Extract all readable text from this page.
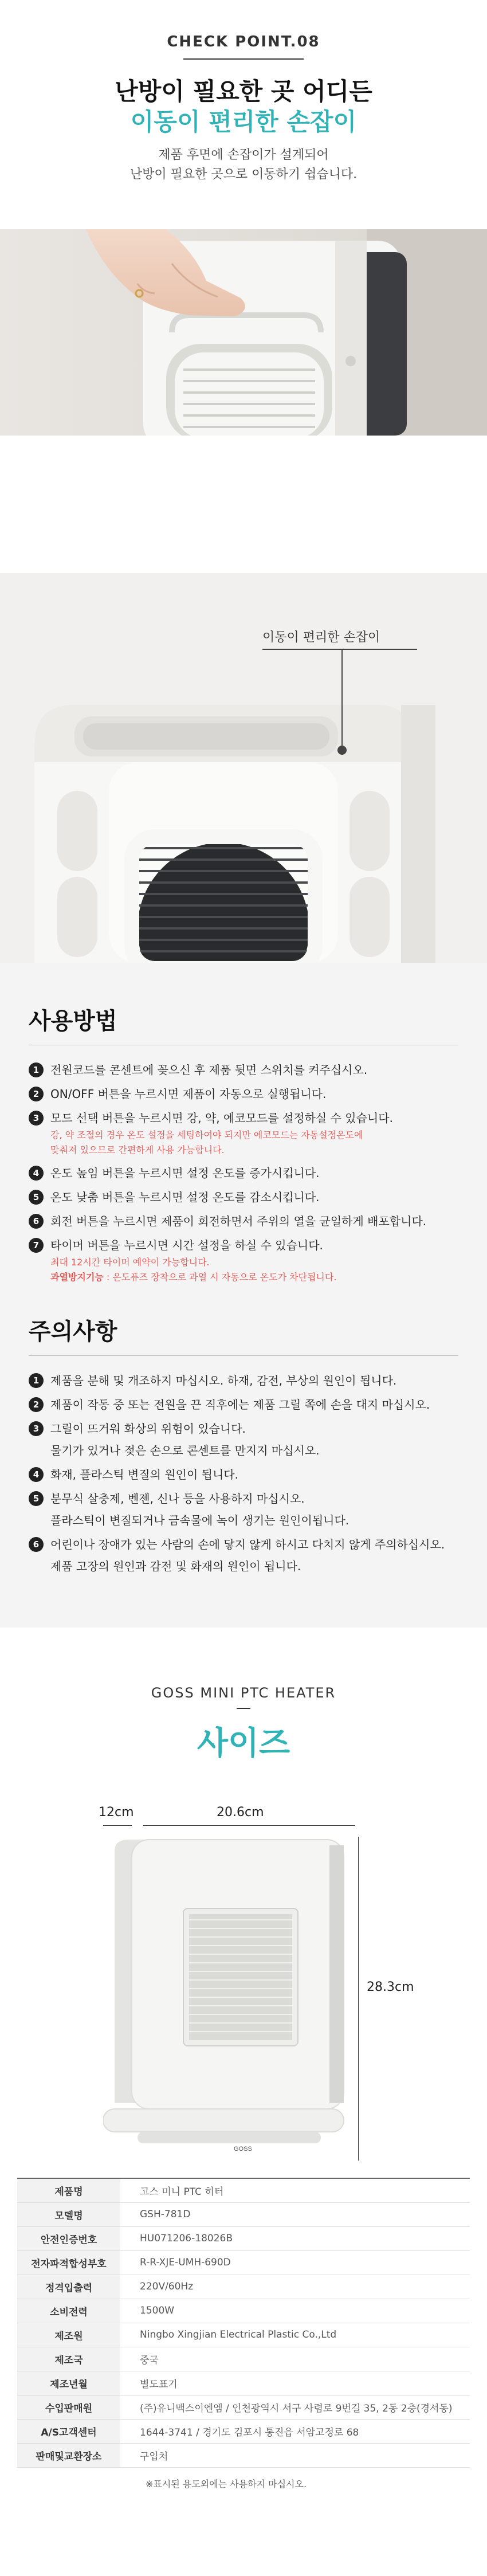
CHECK POINT.08
난방이 필요한 곳 어디든
이동이 편리한 손잡이
제품 후면에 손잡이가 설계되어
난방이 필요한 곳으로 이동하기 쉽습니다.
이동이 편리한 손잡이
사용방법
1 전원코드를 콘센트에 꽂으신 후 제품 뒷면 스위치를 켜주십시오.
2 ON/OFF 버튼을 누르시면 제품이 자동으로 실행됩니다.
3 모드 선택 버튼을 누르시면 강, 약, 에코모드를 설정하실 수 있습니다.
강, 약 조절의 경우 온도 설정을 세팅하여야 되지만 에코모드는 자동설정온도에
맞춰져 있으므로 간편하게 사용 가능합니다.
4 온도 높임 버튼을 누르시면 설정 온도를 증가시킵니다.
5 온도 낮춤 버튼을 누르시면 설정 온도를 감소시킵니다.
6 회전 버튼을 누르시면 제품이 회전하면서 주위의 열을 균일하게 배포합니다.
7 타이머 버튼을 누르시면 시간 설정을 하실 수 있습니다.
최대 12시간 타이머 예약이 가능합니다.
과열방지기능 : 온도퓨즈 장착으로 과열 시 자동으로 온도가 차단됩니다.
주의사항
1 제품을 분해 및 개조하지 마십시오. 하재, 감전, 부상의 원인이 됩니다.
2 제품이 작동 중 또는 전원을 끈 직후에는 제품 그릴 쪽에 손을 대지 마십시오.
3 그릴이 뜨거워 화상의 위험이 있습니다.
물기가 있거나 젖은 손으로 콘센트를 만지지 마십시오.
4 화재, 플라스틱 변질의 원인이 됩니다.
5 분무식 살충제, 벤젠, 신나 등을 사용하지 마십시오.
플라스틱이 변질되거나 금속물에 녹이 생기는 원인이됩니다.
6 어린이나 장애가 있는 사람의 손에 닿지 않게 하시고 다치지 않게 주의하십시오.
제품 고장의 원인과 감전 및 화재의 원인이 됩니다.
GOSS MINI PTC HEATER
사이즈
12cm	20.6cm
28.3cm
GOSS
제품명	고스 미니 PTC 히터
모델명	GSH-781D
안전인증번호	HU071206-18026B
전자파적합성부호	R-R-XJE-UMH-690D
정격입출력	220V/60Hz
소비전력	1500W
제조원	Ningbo Xingjian Electrical Plastic Co.,Ltd
제조국	중국
제조년월	별도표기
수입판매원	(주)유니맥스이엔엠 / 인천광역시 서구 사렴로 9번길 35, 2동 2층(경서동)
A/S고객센터	1644-3741 / 경기도 김포시 통진읍 서암고정로 68
판매및교환장소	구입처
※표시된 용도외에는 사용하지 마십시오.
